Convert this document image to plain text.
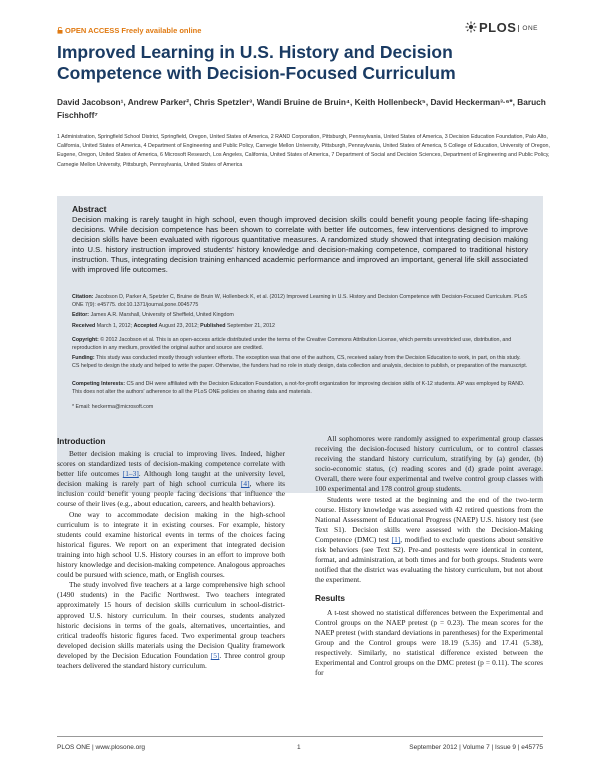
OPEN ACCESS Freely available online	PLOS ONE
Improved Learning in U.S. History and Decision Competence with Decision-Focused Curriculum
David Jacobson¹, Andrew Parker², Chris Spetzler³, Wandi Bruine de Bruin⁴, Keith Hollenbeck⁵, David Heckerman³·⁶*, Baruch Fischhoff⁷
1 Administration, Springfield School District, Springfield, Oregon, United States of America, 2 RAND Corporation, Pittsburgh, Pennsylvania, United States of America, 3 Decision Education Foundation, Palo Alto, California, United States of America, 4 Department of Engineering and Public Policy, Carnegie Mellon University, Pittsburgh, Pennsylvania, United States of America, 5 College of Education, University of Oregon, Eugene, Oregon, United States of America, 6 Microsoft Research, Los Angeles, California, United States of America, 7 Department of Social and Decision Sciences, Department of Engineering and Public Policy, Carnegie Mellon University, Pittsburgh, Pennsylvania, United States of America
Abstract
Decision making is rarely taught in high school, even though improved decision skills could benefit young people facing life-shaping decisions. While decision competence has been shown to correlate with better life outcomes, few interventions designed to improve decision skills have been evaluated with rigorous quantitative measures. A randomized study showed that integrating decision making into U.S. history instruction improved students' history knowledge and decision-making competence, compared to traditional history instruction. Thus, integrating decision training enhanced academic performance and improved an important, general life skill associated with improved life outcomes.
Citation: Jacobson D, Parker A, Spetzler C, Bruine de Bruin W, Hollenbeck K, et al. (2012) Improved Learning in U.S. History and Decision Competence with Decision-Focused Curriculum. PLoS ONE 7(9): e45775. doi:10.1371/journal.pone.0045775
Editor: James A.R. Marshall, University of Sheffield, United Kingdom
Received March 1, 2012; Accepted August 23, 2012; Published September 21, 2012
Copyright: © 2012 Jacobson et al. This is an open-access article distributed under the terms of the Creative Commons Attribution License, which permits unrestricted use, distribution, and reproduction in any medium, provided the original author and source are credited.
Funding: This study was conducted mostly through volunteer efforts. The exception was that one of the authors, CS, received salary from the Decision Education to work, in part, on this study. CS helped to design the study and helped to write the paper. Otherwise, the funders had no role in study design, data collection and analysis, decision to publish, or preparation of the manuscript.
Competing Interests: CS and DH were affiliated with the Decision Education Foundation, a not-for-profit organization for improving decision skills of K-12 students. AP was employed by RAND. This does not alter the authors' adherence to all the PLoS ONE policies on sharing data and materials.
* Email: heckerma@microsoft.com
Introduction

Better decision making is crucial to improving lives. Indeed, higher scores on standardized tests of decision-making competence correlate with better life outcomes [1–3]. Although long taught at the university level, decision making is rarely part of high school curricula [4], where its inclusion could benefit young people facing decisions that influence the course of their lives (e.g., about education, careers, and health behaviors).

One way to accommodate decision making in the high-school curriculum is to integrate it in existing courses. For example, history students could examine historical events in terms of the choices facing historical figures. We report on an experiment that integrated decision training into high school U.S. History courses in an effort to improve both history knowledge and decision-making competence. Analogous approaches could be pursued with science, math, or English courses.

The study involved five teachers at a large comprehensive high school (1490 students) in the Pacific Northwest. Two teachers integrated approximately 15 hours of decision skills curriculum in school-district-approved U.S. history curriculum. In their courses, students analyzed historic decisions in terms of the goals, alternatives, uncertainties, and critical tradeoffs historic figures faced. Two experimental group teachers developed decision skills materials using the Decision Quality framework developed by the Decision Education Foundation [5]. Three control group teachers delivered the standard history curriculum.

All sophomores were randomly assigned to experimental group classes receiving the decision-focused history curriculum, or to control classes receiving the standard history curriculum, stratifying by (a) gender, (b) socio-economic status, (c) reading scores and (d) grade point average. Overall, there were four experimental and twelve control group classes with 100 experimental and 178 control group students.

Students were tested at the beginning and the end of the two-term course. History knowledge was assessed with 42 retired questions from the National Assessment of Educational Progress (NAEP) U.S. history test (see Text S1). Decision skills were assessed with the Decision-Making Competence (DMC) test [1], modified to exclude questions about sensitive risk behaviors (see Text S2). Pre-and posttests were identical in content, format, and administration, at both times and for both groups. Students were notified that the district was evaluating the history curriculum, but not about the experiment.

Results

A t-test showed no statistical differences between the Experimental and Control groups on the NAEP pretest (p = 0.23). The mean scores for the NAEP pretest (with standard deviations in parentheses) for the Experimental Group and the Control groups were 18.19 (5.35) and 17.41 (5.38), respectively. Similarly, no statistical difference existed between the Experimental and Control groups on the DMC pretest (p = 0.11). The scores for

PLOS ONE | www.plosone.org	1	September 2012 | Volume 7 | Issue 9 | e45775
